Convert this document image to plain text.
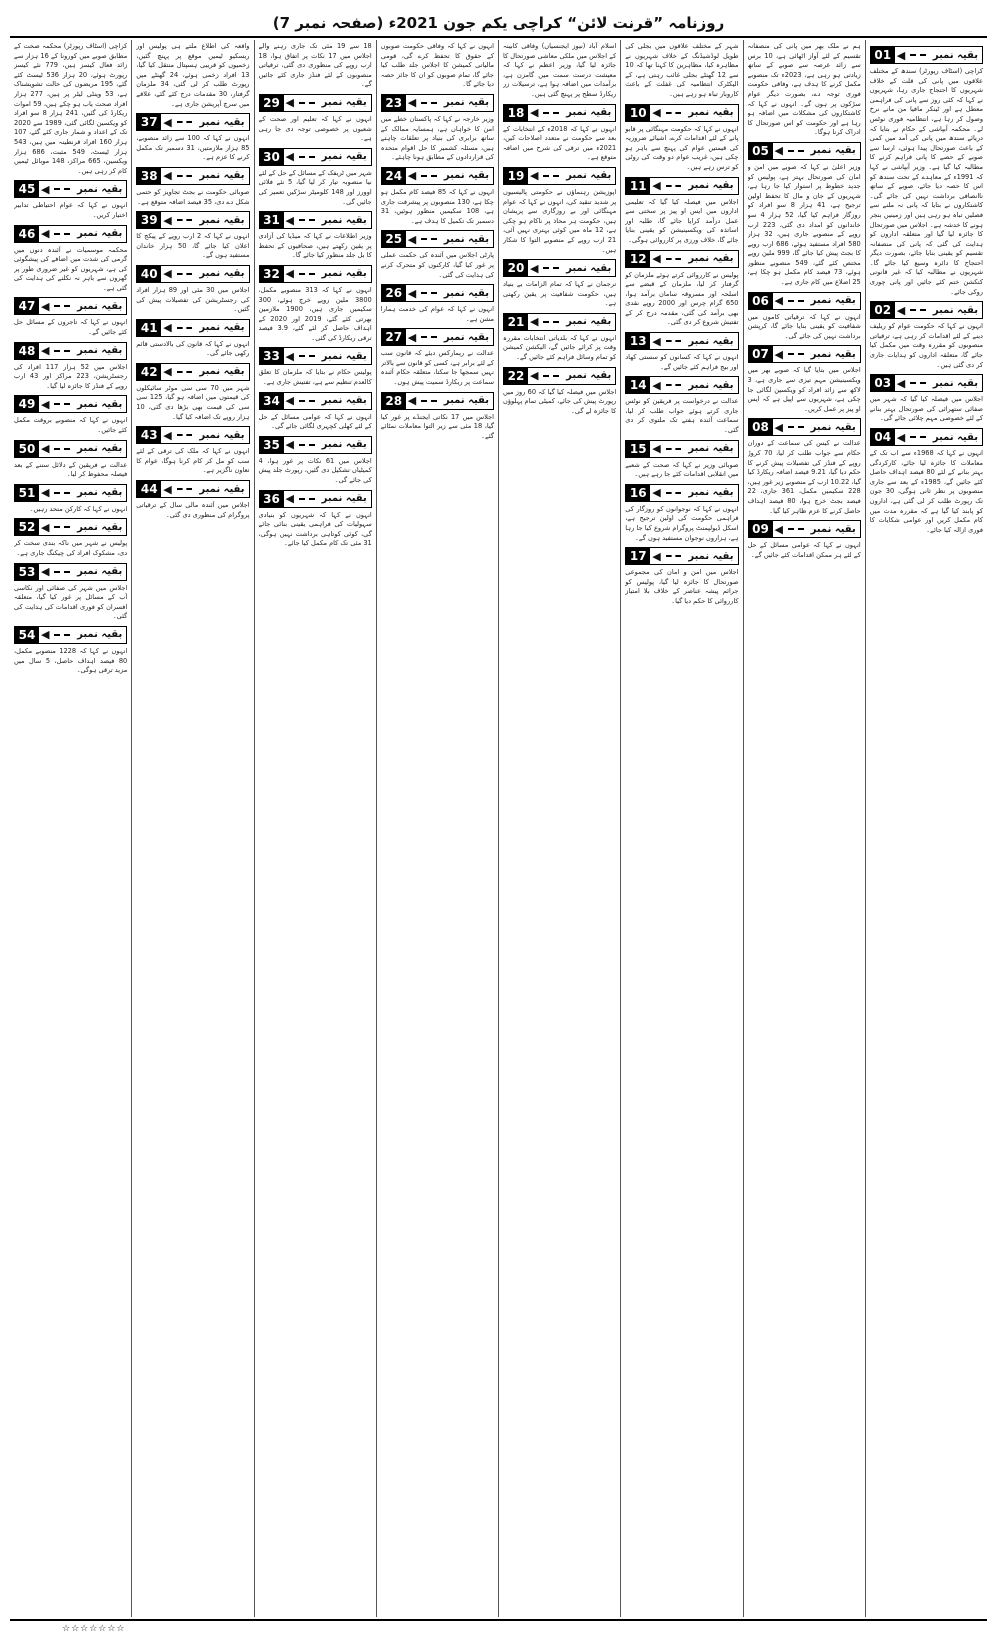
روزنامہ ”قرنت لائن“ کراچی یکم جون 2021ء (صفحہ نمبر 7)
01 ◀	بقیہ نمبر
کراچی (اسٹاف رپورٹر) سندھ کے مختلف علاقوں میں پانی کی قلت کے خلاف شہریوں کا احتجاج جاری رہا، شہریوں نے کہا کہ کئی روز سے پانی کی فراہمی معطل ہے اور ٹینکر مافیا من مانے نرخ وصول کر رہا ہے، انتظامیہ فوری نوٹس لے۔ محکمہ آبپاشی کے حکام نے بتایا کہ دریائے سندھ میں پانی کی آمد میں کمی کے باعث صورتحال پیدا ہوئی، ارسا سے صوبے کے حصے کا پانی فراہم کرنے کا مطالبہ کیا گیا ہے۔ وزیر آبپاشی نے کہا کہ 1991ء کے معاہدے کے تحت سندھ کو اس کا حصہ دیا جائے، صوبے کے ساتھ ناانصافی برداشت نہیں کی جائے گی۔ کاشتکاروں نے بتایا کہ پانی نہ ملنے سے فصلیں تباہ ہو رہی ہیں اور زمینیں بنجر ہونے کا خدشہ ہے۔ اجلاس میں صورتحال کا جائزہ لیا گیا اور متعلقہ اداروں کو ہدایت کی گئی کہ پانی کی منصفانہ تقسیم کو یقینی بنایا جائے، بصورت دیگر احتجاج کا دائرہ وسیع کیا جائے گا۔ شہریوں نے مطالبہ کیا کہ غیر قانونی کنکشن ختم کئے جائیں اور پانی چوری روکی جائے۔
02 ◀	بقیہ نمبر
انہوں نے کہا کہ حکومت عوام کو ریلیف دینے کے لئے اقدامات کر رہی ہے، ترقیاتی منصوبوں کو مقررہ وقت میں مکمل کیا جائے گا، متعلقہ اداروں کو ہدایات جاری کر دی گئی ہیں۔
03 ◀	بقیہ نمبر
اجلاس میں فیصلہ کیا گیا کہ شہر میں صفائی ستھرائی کی صورتحال بہتر بنانے کے لئے خصوصی مہم چلائی جائے گی۔
04 ◀	بقیہ نمبر
انہوں نے کہا کہ 1968ء سے اب تک کے معاملات کا جائزہ لیا جائے، کارکردگی بہتر بنانے کے لئے 80 فیصد اہداف حاصل کئے جائیں گے، 1985ء کے بعد سے جاری منصوبوں پر نظر ثانی ہوگی، 30 جون تک رپورٹ طلب کر لی گئی ہے، اداروں کو پابند کیا گیا ہے کہ مقررہ مدت میں کام مکمل کریں اور عوامی شکایات کا فوری ازالہ کیا جائے۔
ہم نے ملک بھر میں پانی کی منصفانہ تقسیم کے لئے آواز اٹھائی ہے، 10 برس سے زائد عرصہ سے صوبے کے ساتھ زیادتی ہو رہی ہے، 2023ء تک منصوبے مکمل کرنے کا ہدف ہے، وفاقی حکومت فوری توجہ دے، بصورت دیگر عوام سڑکوں پر ہوں گے۔ انہوں نے کہا کہ کاشتکاروں کی مشکلات میں اضافہ ہو رہا ہے اور حکومت کو اس صورتحال کا ادراک کرنا ہوگا۔
05 ◀	بقیہ نمبر
وزیر اعلیٰ نے کہا کہ صوبے میں امن و امان کی صورتحال بہتر ہے، پولیس کو جدید خطوط پر استوار کیا جا رہا ہے، شہریوں کے جان و مال کا تحفظ اولین ترجیح ہے، 41 ہزار 8 سو افراد کو روزگار فراہم کیا گیا، 52 ہزار 4 سو خاندانوں کو امداد دی گئی، 223 ارب روپے کے منصوبے جاری ہیں، 32 ہزار 580 افراد مستفید ہوئے، 686 ارب روپے کا بجٹ پیش کیا جائے گا، 999 ملین روپے مختص کئے گئے، 549 منصوبے منظور ہوئے، 73 فیصد کام مکمل ہو چکا ہے، 25 اضلاع میں کام جاری ہے۔
06 ◀	بقیہ نمبر
انہوں نے کہا کہ ترقیاتی کاموں میں شفافیت کو یقینی بنایا جائے گا، کرپشن برداشت نہیں کی جائے گی۔
07 ◀	بقیہ نمبر
اجلاس میں بتایا گیا کہ صوبے بھر میں ویکسینیشن مہم تیزی سے جاری ہے، 3 لاکھ سے زائد افراد کو ویکسین لگائی جا چکی ہے، شہریوں سے اپیل ہے کہ ایس او پیز پر عمل کریں۔
08 ◀	بقیہ نمبر
عدالت نے کیس کی سماعت کے دوران حکام سے جواب طلب کر لیا، 70 کروڑ روپے کے فنڈز کی تفصیلات پیش کرنے کا حکم دیا گیا، 9.21 فیصد اضافہ ریکارڈ کیا گیا، 10.22 ارب کے منصوبے زیر غور ہیں، 228 سکیمیں مکمل، 361 جاری، 22 فیصد بجٹ خرچ ہوا، 80 فیصد اہداف حاصل کرنے کا عزم ظاہر کیا گیا۔
09 ◀	بقیہ نمبر
انہوں نے کہا کہ عوامی مسائل کے حل کے لئے ہر ممکن اقدامات کئے جائیں گے۔
شہر کے مختلف علاقوں میں بجلی کی طویل لوڈشیڈنگ کے خلاف شہریوں نے مظاہرہ کیا، مظاہرین کا کہنا تھا کہ 10 سے 12 گھنٹے بجلی غائب رہتی ہے، کے الیکٹرک انتظامیہ کی غفلت کے باعث کاروبار تباہ ہو رہے ہیں۔
10 ◀	بقیہ نمبر
انہوں نے کہا کہ حکومت مہنگائی پر قابو پانے کے لئے اقدامات کرے، اشیائے ضروریہ کی قیمتیں عوام کی پہنچ سے باہر ہو چکی ہیں، غریب عوام دو وقت کی روٹی کو ترس رہے ہیں۔
11 ◀	بقیہ نمبر
اجلاس میں فیصلہ کیا گیا کہ تعلیمی اداروں میں ایس او پیز پر سختی سے عمل درآمد کرایا جائے گا، طلبہ اور اساتذہ کی ویکسینیشن کو یقینی بنایا جائے گا، خلاف ورزی پر کارروائی ہوگی۔
12 ◀	بقیہ نمبر
پولیس نے کارروائی کرتے ہوئے ملزمان کو گرفتار کر لیا، ملزمان کے قبضے سے اسلحہ اور مسروقہ سامان برآمد ہوا، 650 گرام چرس اور 2000 روپے نقدی بھی برآمد کی گئی، مقدمہ درج کر کے تفتیش شروع کر دی گئی۔
13 ◀	بقیہ نمبر
انہوں نے کہا کہ کسانوں کو سستی کھاد اور بیج فراہم کئے جائیں گے۔
14 ◀	بقیہ نمبر
عدالت نے درخواست پر فریقین کو نوٹس جاری کرتے ہوئے جواب طلب کر لیا، سماعت آئندہ ہفتے تک ملتوی کر دی گئی۔
15 ◀	بقیہ نمبر
صوبائی وزیر نے کہا کہ صحت کے شعبے میں انقلابی اقدامات کئے جا رہے ہیں۔
16 ◀	بقیہ نمبر
انہوں نے کہا کہ نوجوانوں کو روزگار کی فراہمی حکومت کی اولین ترجیح ہے، اسکل ڈیولپمنٹ پروگرام شروع کیا جا رہا ہے، ہزاروں نوجوان مستفید ہوں گے۔
17 ◀	بقیہ نمبر
اجلاس میں امن و امان کی مجموعی صورتحال کا جائزہ لیا گیا، پولیس کو جرائم پیشہ عناصر کے خلاف بلا امتیاز کارروائی کا حکم دیا گیا۔
اسلام آباد (نیوز ایجنسیاں) وفاقی کابینہ کے اجلاس میں ملکی معاشی صورتحال کا جائزہ لیا گیا، وزیر اعظم نے کہا کہ معیشت درست سمت میں گامزن ہے، برآمدات میں اضافہ ہوا ہے، ترسیلات زر ریکارڈ سطح پر پہنچ گئی ہیں۔
18 ◀	بقیہ نمبر
انہوں نے کہا کہ 2018ء کے انتخابات کے بعد سے حکومت نے متعدد اصلاحات کیں، 2021ء میں ترقی کی شرح میں اضافہ متوقع ہے۔
19 ◀	بقیہ نمبر
اپوزیشن رہنماؤں نے حکومتی پالیسیوں پر شدید تنقید کی، انہوں نے کہا کہ عوام مہنگائی اور بے روزگاری سے پریشان ہیں، حکومت ہر محاذ پر ناکام ہو چکی ہے، 12 ماہ میں کوئی بہتری نہیں آئی، 21 ارب روپے کے منصوبے التوا کا شکار ہیں۔
20 ◀	بقیہ نمبر
ترجمان نے کہا کہ تمام الزامات بے بنیاد ہیں، حکومت شفافیت پر یقین رکھتی ہے۔
21 ◀	بقیہ نمبر
انہوں نے کہا کہ بلدیاتی انتخابات مقررہ وقت پر کرائے جائیں گے، الیکشن کمیشن کو تمام وسائل فراہم کئے جائیں گے۔
22 ◀	بقیہ نمبر
اجلاس میں فیصلہ کیا گیا کہ 60 روز میں رپورٹ پیش کی جائے، کمیٹی تمام پہلوؤں کا جائزہ لے گی۔
انہوں نے کہا کہ وفاقی حکومت صوبوں کے حقوق کا تحفظ کرے گی، قومی مالیاتی کمیشن کا اجلاس جلد طلب کیا جائے گا، تمام صوبوں کو ان کا جائز حصہ دیا جائے گا۔
23 ◀	بقیہ نمبر
وزیر خارجہ نے کہا کہ پاکستان خطے میں امن کا خواہاں ہے، ہمسایہ ممالک کے ساتھ برابری کی بنیاد پر تعلقات چاہتے ہیں، مسئلہ کشمیر کا حل اقوام متحدہ کی قراردادوں کے مطابق ہونا چاہئے۔
24 ◀	بقیہ نمبر
انہوں نے کہا کہ 85 فیصد کام مکمل ہو چکا ہے، 130 منصوبوں پر پیشرفت جاری ہے، 108 سکیمیں منظور ہوئیں، 31 دسمبر تک تکمیل کا ہدف ہے۔
25 ◀	بقیہ نمبر
پارٹی اجلاس میں آئندہ کی حکمت عملی پر غور کیا گیا، کارکنوں کو متحرک کرنے کی ہدایت کی گئی۔
26 ◀	بقیہ نمبر
انہوں نے کہا کہ عوام کی خدمت ہمارا مشن ہے۔
27 ◀	بقیہ نمبر
عدالت نے ریمارکس دیئے کہ قانون سب کے لئے برابر ہے، کسی کو قانون سے بالاتر نہیں سمجھا جا سکتا، متعلقہ حکام آئندہ سماعت پر ریکارڈ سمیت پیش ہوں۔
28 ◀	بقیہ نمبر
اجلاس میں 17 نکاتی ایجنڈے پر غور کیا گیا، 18 مئی سے زیر التوا معاملات نمٹائے گئے۔
18 سے 19 مئی تک جاری رہنے والے اجلاس میں 17 نکات پر اتفاق ہوا، 18 ارب روپے کی منظوری دی گئی، ترقیاتی منصوبوں کے لئے فنڈز جاری کئے جائیں گے۔
29 ◀	بقیہ نمبر
انہوں نے کہا کہ تعلیم اور صحت کے شعبوں پر خصوصی توجہ دی جا رہی ہے۔
30 ◀	بقیہ نمبر
شہر میں ٹریفک کے مسائل کے حل کے لئے نیا منصوبہ تیار کر لیا گیا، 5 نئے فلائی اوورز اور 148 کلومیٹر سڑکیں تعمیر کی جائیں گی۔
31 ◀	بقیہ نمبر
وزیر اطلاعات نے کہا کہ میڈیا کی آزادی پر یقین رکھتے ہیں، صحافیوں کے تحفظ کا بل جلد منظور کیا جائے گا۔
32 ◀	بقیہ نمبر
انہوں نے کہا کہ 313 منصوبے مکمل، 3800 ملین روپے خرچ ہوئے، 300 سکیمیں جاری ہیں، 1900 ملازمین بھرتی کئے گئے، 2019 اور 2020 کے اہداف حاصل کر لئے گئے، 3.9 فیصد ترقی ریکارڈ کی گئی۔
33 ◀	بقیہ نمبر
پولیس حکام نے بتایا کہ ملزمان کا تعلق کالعدم تنظیم سے ہے، تفتیش جاری ہے۔
34 ◀	بقیہ نمبر
انہوں نے کہا کہ عوامی مسائل کے حل کے لئے کھلی کچہری لگائی جائے گی۔
35 ◀	بقیہ نمبر
اجلاس میں 61 نکات پر غور ہوا، 4 کمیٹیاں تشکیل دی گئیں، رپورٹ جلد پیش کی جائے گی۔
36 ◀	بقیہ نمبر
انہوں نے کہا کہ شہریوں کو بنیادی سہولیات کی فراہمی یقینی بنائی جائے گی، کوئی کوتاہی برداشت نہیں ہوگی، 31 مئی تک کام مکمل کیا جائے۔
واقعہ کی اطلاع ملتے ہی پولیس اور ریسکیو ٹیمیں موقع پر پہنچ گئیں، زخمیوں کو قریبی ہسپتال منتقل کیا گیا، 13 افراد زخمی ہوئے، 24 گھنٹے میں رپورٹ طلب کر لی گئی، 34 ملزمان گرفتار، 30 مقدمات درج کئے گئے، علاقے میں سرچ آپریشن جاری ہے۔
37 ◀	بقیہ نمبر
انہوں نے کہا کہ 100 سے زائد منصوبے، 85 ہزار ملازمتیں، 31 دسمبر تک مکمل کرنے کا عزم ہے۔
38 ◀	بقیہ نمبر
صوبائی حکومت نے بجٹ تجاویز کو حتمی شکل دے دی، 35 فیصد اضافہ متوقع ہے۔
39 ◀	بقیہ نمبر
انہوں نے کہا کہ 2 ارب روپے کے پیکج کا اعلان کیا جائے گا، 50 ہزار خاندان مستفید ہوں گے۔
40 ◀	بقیہ نمبر
اجلاس میں 30 مئی اور 89 ہزار افراد کی رجسٹریشن کی تفصیلات پیش کی گئیں۔
41 ◀	بقیہ نمبر
انہوں نے کہا کہ قانون کی بالادستی قائم رکھی جائے گی۔
42 ◀	بقیہ نمبر
شہر میں 70 سی سی موٹر سائیکلوں کی قیمتوں میں اضافہ ہو گیا، 125 سی سی کی قیمت بھی بڑھا دی گئی، 10 ہزار روپے تک اضافہ کیا گیا۔
43 ◀	بقیہ نمبر
انہوں نے کہا کہ ملک کی ترقی کے لئے سب کو مل کر کام کرنا ہوگا، عوام کا تعاون ناگزیر ہے۔
44 ◀	بقیہ نمبر
اجلاس میں آئندہ مالی سال کے ترقیاتی پروگرام کی منظوری دی گئی۔
کراچی (اسٹاف رپورٹر) محکمہ صحت کے مطابق صوبے میں کورونا کے 16 ہزار سے زائد فعال کیسز ہیں، 779 نئے کیسز رپورٹ ہوئے، 20 ہزار 536 ٹیسٹ کئے گئے، 195 مریضوں کی حالت تشویشناک ہے، 53 وینٹی لیٹر پر ہیں، 277 ہزار افراد صحت یاب ہو چکے ہیں، 59 اموات ریکارڈ کی گئیں، 241 ہزار 8 سو افراد کو ویکسین لگائی گئی، 1989 سے 2020 تک کے اعداد و شمار جاری کئے گئے، 107 ہزار 160 افراد قرنطینہ میں ہیں، 543 ہزار ٹیسٹ، 549 مثبت، 686 ہزار ویکسین، 665 مراکز، 148 موبائل ٹیمیں کام کر رہی ہیں۔
45 ◀	بقیہ نمبر
انہوں نے کہا کہ عوام احتیاطی تدابیر اختیار کریں۔
46 ◀	بقیہ نمبر
محکمہ موسمیات نے آئندہ دنوں میں گرمی کی شدت میں اضافے کی پیشگوئی کی ہے، شہریوں کو غیر ضروری طور پر گھروں سے باہر نہ نکلنے کی ہدایت کی گئی ہے۔
47 ◀	بقیہ نمبر
انہوں نے کہا کہ تاجروں کے مسائل حل کئے جائیں گے۔
48 ◀	بقیہ نمبر
اجلاس میں 52 ہزار 117 افراد کی رجسٹریشن، 223 مراکز اور 43 ارب روپے کے فنڈز کا جائزہ لیا گیا۔
49 ◀	بقیہ نمبر
انہوں نے کہا کہ منصوبے بروقت مکمل کئے جائیں۔
50 ◀	بقیہ نمبر
عدالت نے فریقین کے دلائل سننے کے بعد فیصلہ محفوظ کر لیا۔
51 ◀	بقیہ نمبر
انہوں نے کہا کہ کارکن متحد رہیں۔
52 ◀	بقیہ نمبر
پولیس نے شہر میں ناکہ بندی سخت کر دی، مشکوک افراد کی چیکنگ جاری ہے۔
53 ◀	بقیہ نمبر
اجلاس میں شہر کی صفائی اور نکاسی آب کے مسائل پر غور کیا گیا، متعلقہ افسران کو فوری اقدامات کی ہدایت کی گئی۔
54 ◀	بقیہ نمبر
انہوں نے کہا کہ 1228 منصوبے مکمل، 80 فیصد اہداف حاصل، 5 سال میں مزید ترقی ہوگی۔
☆☆☆☆☆☆☆
